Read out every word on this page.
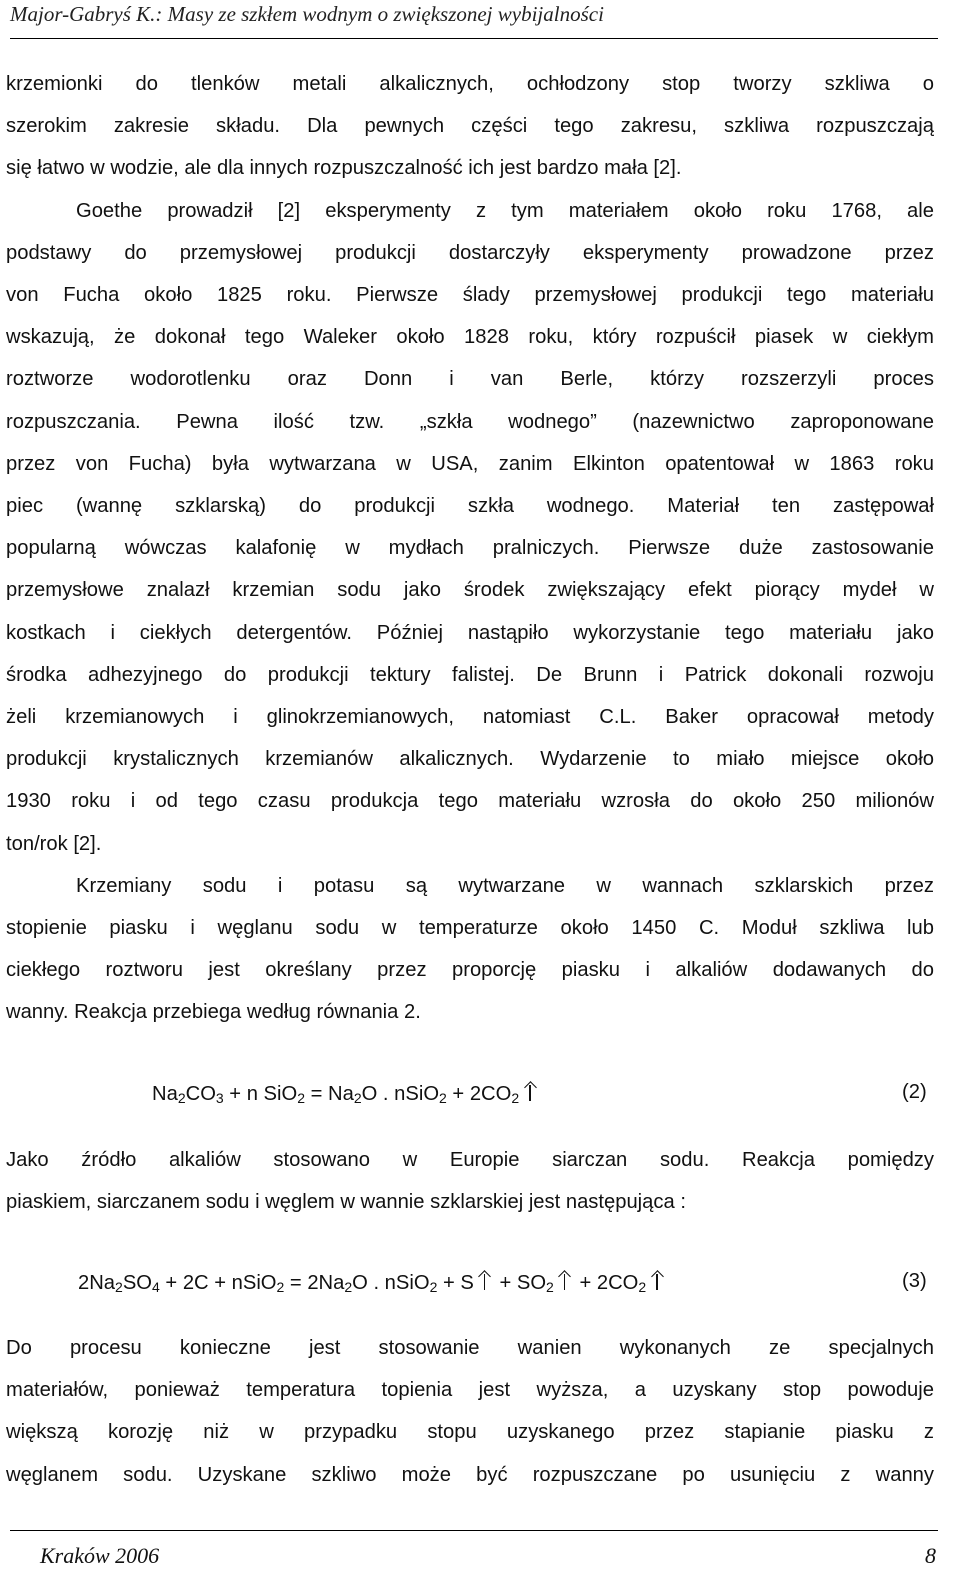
Major-Gabryś K.: Masy ze szkłem wodnym o zwiększonej wybijalności
krzemionki do tlenków metali alkalicznych, ochłodzony stop tworzy szkliwa o
szerokim zakresie składu. Dla pewnych części tego zakresu, szkliwa rozpuszczają
się łatwo w wodzie, ale dla innych rozpuszczalność ich jest bardzo mała [2].
Goethe prowadził [2] eksperymenty z tym materiałem około roku 1768, ale
podstawy do przemysłowej produkcji dostarczyły eksperymenty prowadzone przez
von Fucha około 1825 roku. Pierwsze ślady przemysłowej produkcji tego materiału
wskazują, że dokonał tego Waleker około 1828 roku, który rozpuścił piasek w ciekłym
roztworze wodorotlenku oraz Donn i van Berle, którzy rozszerzyli proces
rozpuszczania. Pewna ilość tzw. „szkła wodnego” (nazewnictwo zaproponowane
przez von Fucha) była wytwarzana w USA, zanim Elkinton opatentował w 1863 roku
piec (wannę szklarską) do produkcji szkła wodnego. Materiał ten zastępował
popularną wówczas kalafonię w mydłach pralniczych. Pierwsze duże zastosowanie
przemysłowe znalazł krzemian sodu jako środek zwiększający efekt piorący mydeł w
kostkach i ciekłych detergentów. Później nastąpiło wykorzystanie tego materiału jako
środka adhezyjnego do produkcji tektury falistej. De Brunn i Patrick dokonali rozwoju
żeli krzemianowych i glinokrzemianowych, natomiast C.L. Baker opracował metody
produkcji krystalicznych krzemianów alkalicznych. Wydarzenie to miało miejsce około
1930 roku i od tego czasu produkcja tego materiału wzrosła do około 250 milionów
ton/rok [2].
Krzemiany sodu i potasu są wytwarzane w wannach szklarskich przez
stopienie piasku i węglanu sodu w temperaturze około 1450 C. Moduł szkliwa lub
ciekłego roztworu jest określany przez proporcję piasku i alkaliów dodawanych do
wanny. Reakcja przebiega według równania 2.
$Na_2CO_3 + n$ $SiO_2 = Na_2O$ . nSiO$_2$ + $2CO_2$	(2)
Jako źródło alkaliów stosowano w Europie siarczan sodu. Reakcja pomiędzy
piaskiem, siarczanem sodu i węglem w wannie szklarskiej jest następująca :
$2Na_2SO_4 + 2C$ + nSiO$_2$ = $2Na_2O$ . nSiO$_2$ + $S + SO_2 + 2CO_2$	(3)
Do procesu konieczne jest stosowanie wanien wykonanych ze specjalnych
materiałów, ponieważ temperatura topienia jest wyższa, a uzyskany stop powoduje
większą korozję niż w przypadku stopu uzyskanego przez stapianie piasku z
węglanem sodu. Uzyskane szkliwo może być rozpuszczane po usunięciu z wanny
Kraków 2006	8
